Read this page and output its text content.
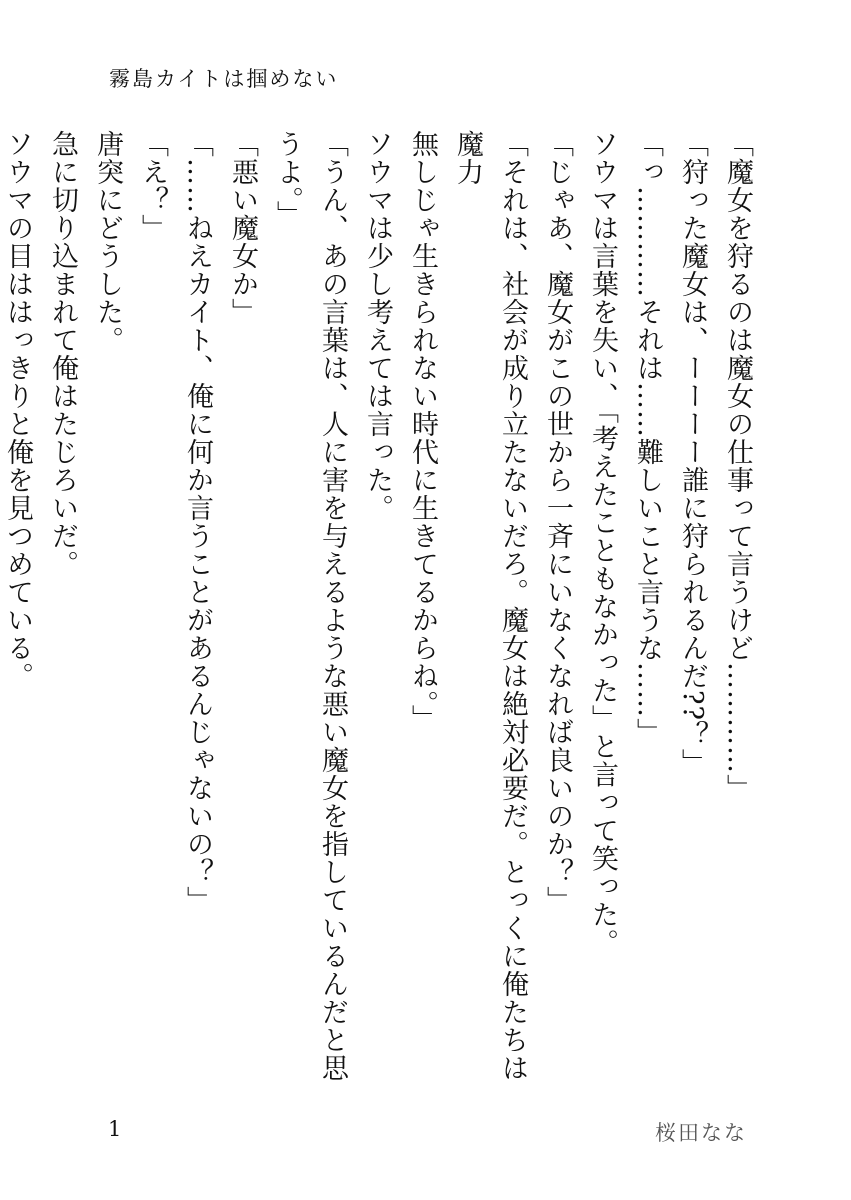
霧島カイトは掴めない

「魔女を狩るのは魔女の仕事って言うけど…………」

「狩った魔女は、ーーーー誰に狩られるんだ??？」

「っ…………それは……難しいこと言うな……」

ソウマは言葉を失い、「考えたこともなかった」と言って笑った。

「じゃあ、魔女がこの世から一斉にいなくなれば良いのか？」

「それは、社会が成り立たないだろ。魔女は絶対必要だ。とっくに俺たちは魔力

無しじゃ生きられない時代に生きてるからね。」

ソウマは少し考えては言った。

「うん、あの言葉は、人に害を与えるような悪い魔女を指しているんだと思うよ。」

「悪い魔女か」

「……ねえカイト、俺に何か言うことがあるんじゃないの？」

「え？」

唐突にどうした。

急に切り込まれて俺はたじろいだ。

ソウマの目ははっきりと俺を見つめている。

1	桜田なな
